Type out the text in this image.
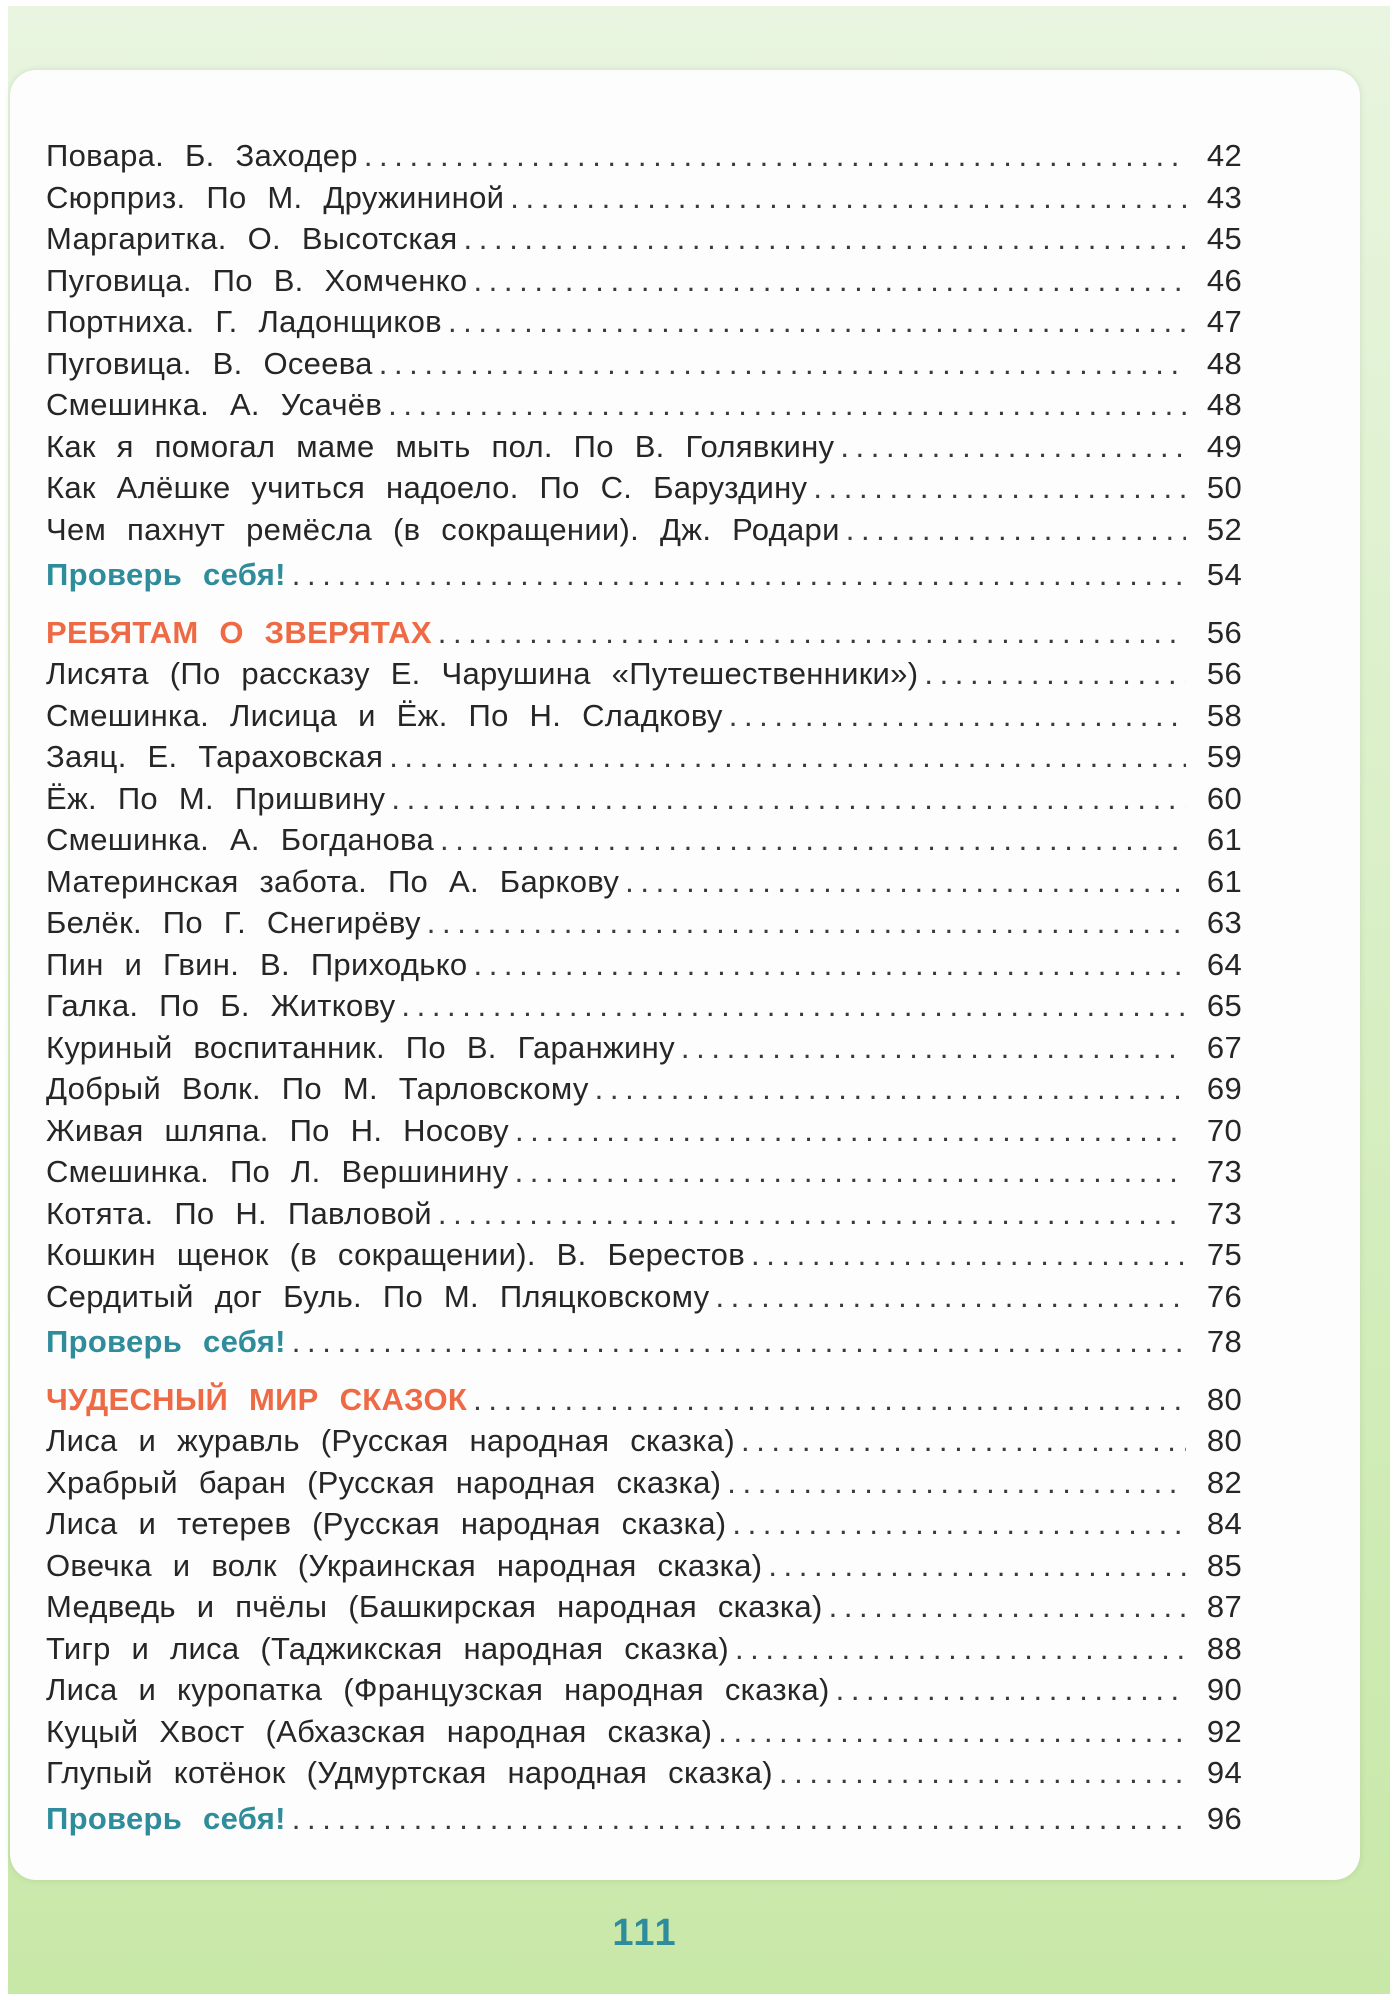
Повара. Б. Заходер . . .	42
Сюрприз. По М. Дружининой . . .	43
Маргаритка. О. Высотская . . .	45
Пуговица. По В. Хомченко . . .	46
Портниха. Г. Ладонщиков . . .	47
Пуговица. В. Осеева . . .	48
Смешинка. А. Усачёв . . .	48
Как я помогал маме мыть пол. По В. Голявкину . . .	49
Как Алёшке учиться надоело. По С. Баруздину . . .	50
Чем пахнут ремёсла (в сокращении). Дж. Родари . . .	52
Проверь себя! . . .	54
РЕБЯТАМ О ЗВЕРЯТАХ . . .	56
Лисята (По рассказу Е. Чарушина «Путешественники») . . .	56
Смешинка. Лисица и Ёж. По Н. Сладкову . . .	58
Заяц. Е. Тараховская . . .	59
Ёж. По М. Пришвину . . .	60
Смешинка. А. Богданова . . .	61
Материнская забота. По А. Баркову . . .	61
Белёк. По Г. Снегирёву . . .	63
Пин и Гвин. В. Приходько . . .	64
Галка. По Б. Житкову . . .	65
Куриный воспитанник. По В. Гаранжину . . .	67
Добрый Волк. По М. Тарловскому . . .	69
Живая шляпа. По Н. Носову . . .	70
Смешинка. По Л. Вершинину . . .	73
Котята. По Н. Павловой . . .	73
Кошкин щенок (в сокращении). В. Берестов . . .	75
Сердитый дог Буль. По М. Пляцковскому . . .	76
Проверь себя! . . .	78
ЧУДЕСНЫЙ МИР СКАЗОК . . .	80
Лиса и журавль (Русская народная сказка) . . .	80
Храбрый баран (Русская народная сказка) . . .	82
Лиса и тетерев (Русская народная сказка) . . .	84
Овечка и волк (Украинская народная сказка) . . .	85
Медведь и пчёлы (Башкирская народная сказка) . . .	87
Тигр и лиса (Таджикская народная сказка) . . .	88
Лиса и куропатка (Французская народная сказка) . . .	90
Куцый Хвост (Абхазская народная сказка) . . .	92
Глупый котёнок (Удмуртская народная сказка) . . .	94
Проверь себя! . . .	96
111
